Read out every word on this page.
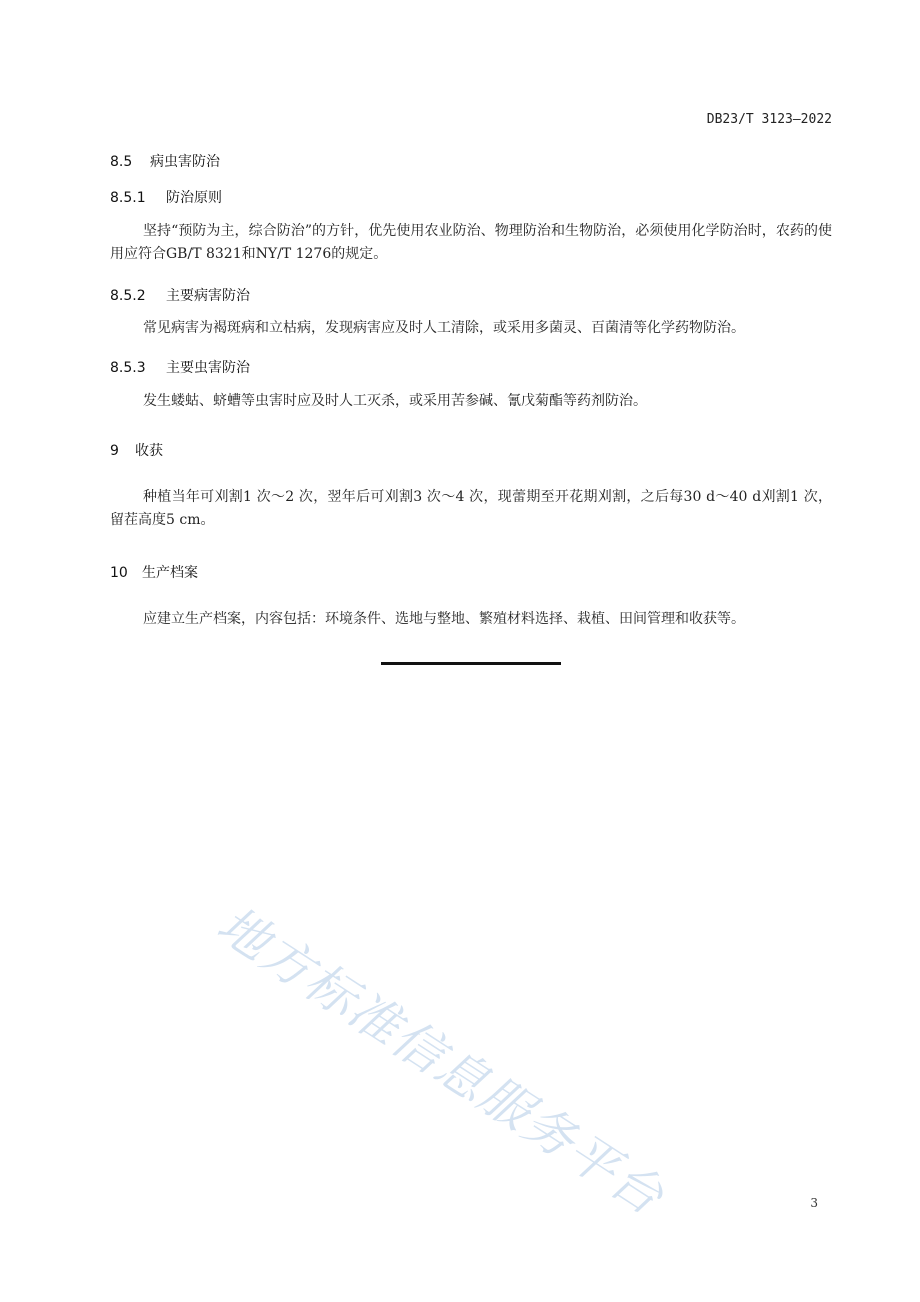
DB23/T 3123—2022
8.5 病虫害防治
8.5.1 防治原则

坚持“预防为主，综合防治”的方针，优先使用农业防治、物理防治和生物防治，必须使用化学防治时，农药的使用应符合GB/T 8321和NY/T 1276的规定。

8.5.2 主要病害防治

常见病害为褐斑病和立枯病，发现病害应及时人工清除，或采用多菌灵、百菌清等化学药物防治。

8.5.3 主要虫害防治

发生蝼蛄、蛴螬等虫害时应及时人工灭杀，或采用苦参碱、氰戊菊酯等药剂防治。

9 收获

种植当年可刈割1 次～2 次，翌年后可刈割3 次～4 次，现蕾期至开花期刈割，之后每30 d～40 d刈割1 次，留茬高度5 cm。

10 生产档案

应建立生产档案，内容包括：环境条件、选地与整地、繁殖材料选择、栽植、田间管理和收获等。

地方标准信息服务平台	3
